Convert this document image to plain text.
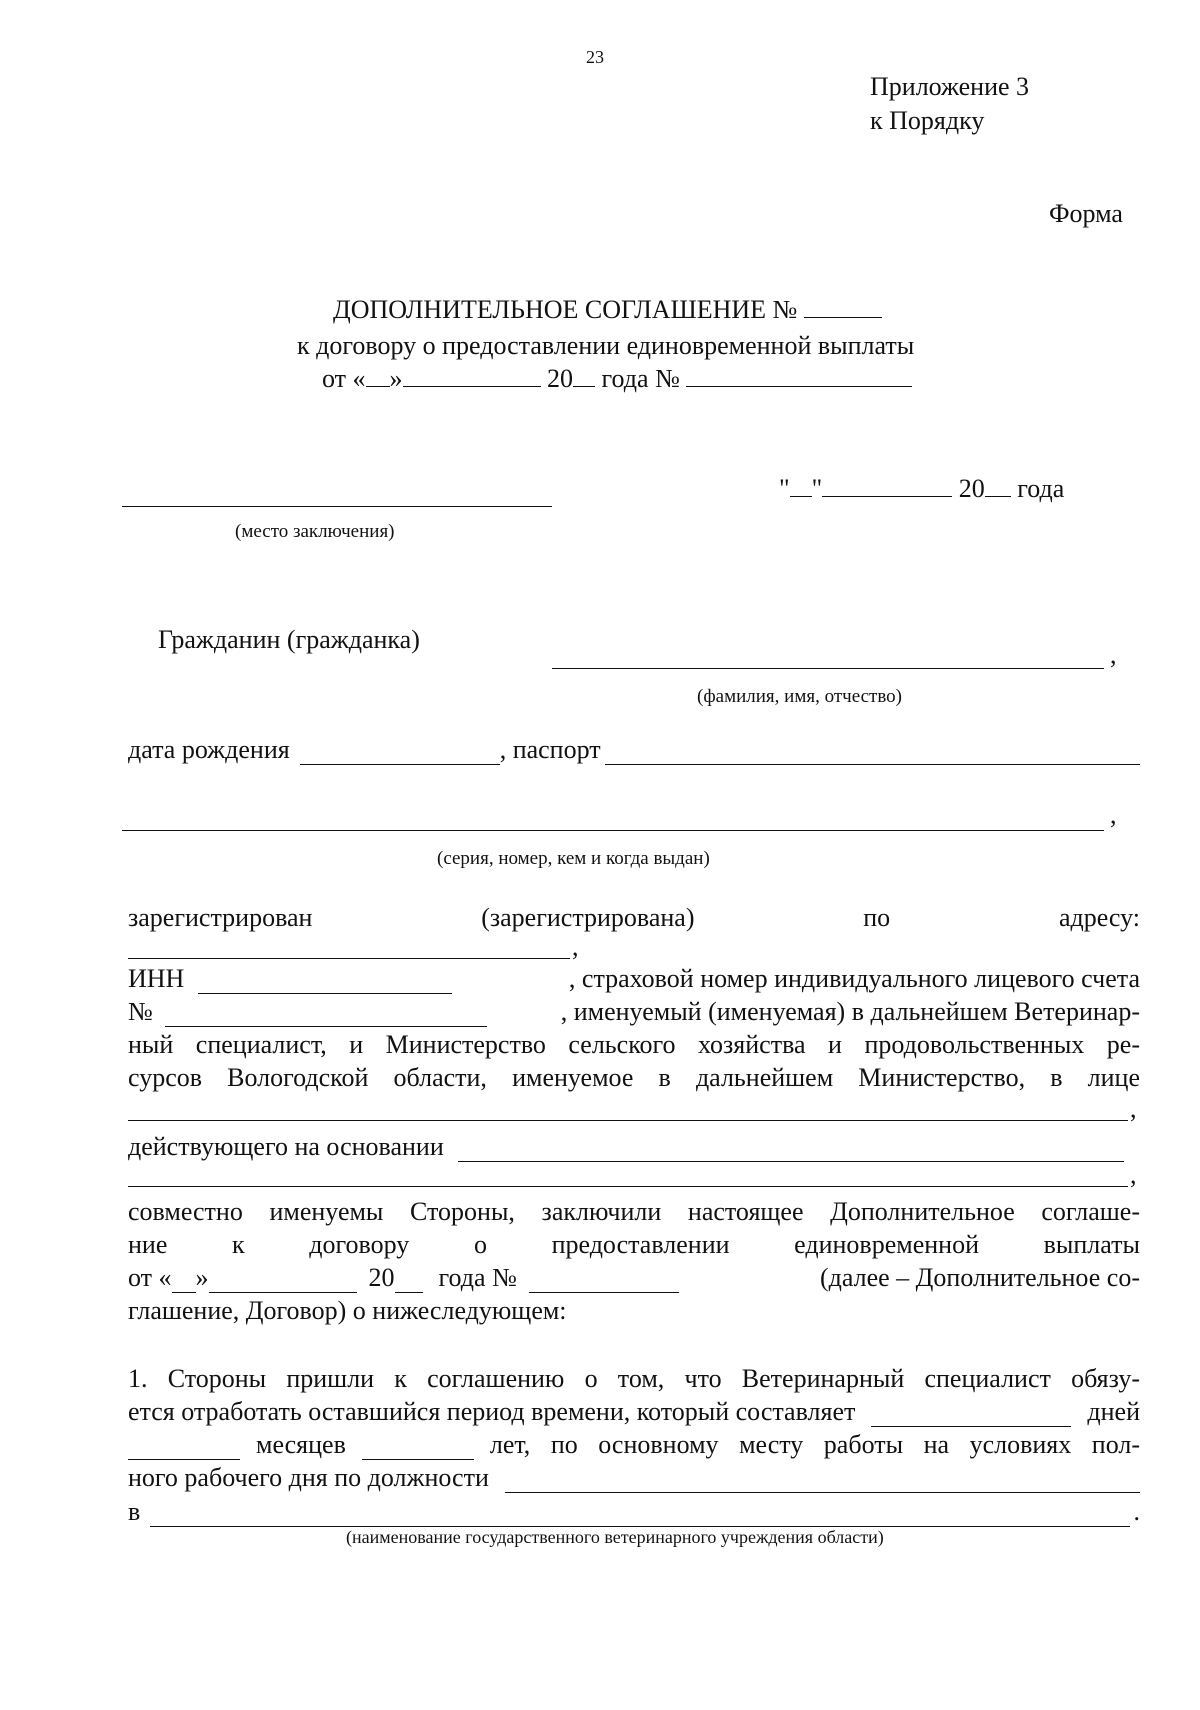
23
Приложение 3
к Порядку
Форма
ДОПОЛНИТЕЛЬНОЕ СОГЛАШЕНИЕ №
к договору о предоставлении единовременной выплаты
от « »	20 года №
" "	20 года
(место заключения)
Гражданин (гражданка)
,
(фамилия, имя, отчество)
дата рождения	, паспорт
,
(серия, номер, кем и когда выдан)
зарегистрирован	(зарегистрирована)	по	адресу:
,
ИНН	, страховой номер индивидуального лицевого счета
№	, именуемый (именуемая) в дальнейшем Ветеринар-
ный специалист, и Министерство сельского хозяйства и продовольственных ре-
сурсов Вологодской области, именуемое в дальнейшем Министерство, в лице
,
действующего на основании
,
совместно именуемы Стороны, заключили настоящее Дополнительное соглаше-
ние к договору о предоставлении единовременной выплаты
от « »	20 года №	(далее – Дополнительное со-
глашение, Договор) о нижеследующем:
1. Стороны пришли к соглашению о том, что Ветеринарный специалист обязу-
ется отработать оставшийся период времени, который составляет	дней
месяцев	лет, по основному месту работы на условиях пол-
ного рабочего дня по должности
в	.
(наименование государственного ветеринарного учреждения области)
